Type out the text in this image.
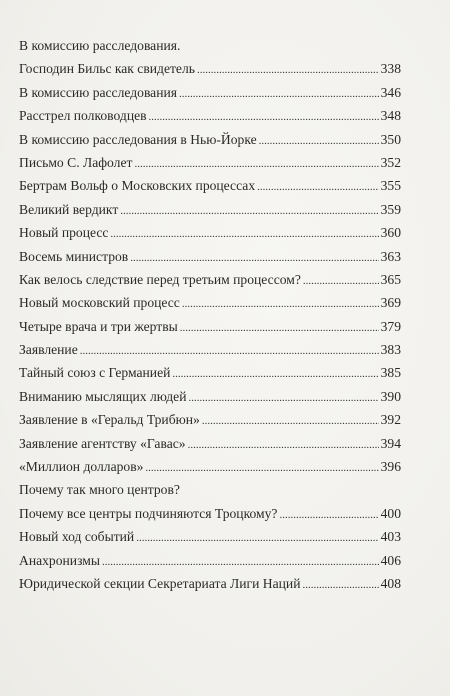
В комиссию расследования.
Господин Бильс как свидетель .....	338
В комиссию расследования .....	346
Расстрел полководцев .....	348
В комиссию расследования в Нью-Йорке .....	350
Письмо С. Лафолет .....	352
Бертрам Вольф о Московских процессах .....	355
Великий вердикт .....	359
Новый процесс .....	360
Восемь министров .....	363
Как велось следствие перед третьим процессом? .....	365
Новый московский процесс .....	369
Четыре врача и три жертвы .....	379
Заявление .....	383
Тайный союз с Германией .....	385
Вниманию мыслящих людей .....	390
Заявление в «Геральд Трибюн» .....	392
Заявление агентству «Гавас» .....	394
«Миллион долларов» .....	396
Почему так много центров?
Почему все центры подчиняются Троцкому? .....	400
Новый ход событий .....	403
Анахронизмы .....	406
Юридической секции Секретариата Лиги Наций .....	408
